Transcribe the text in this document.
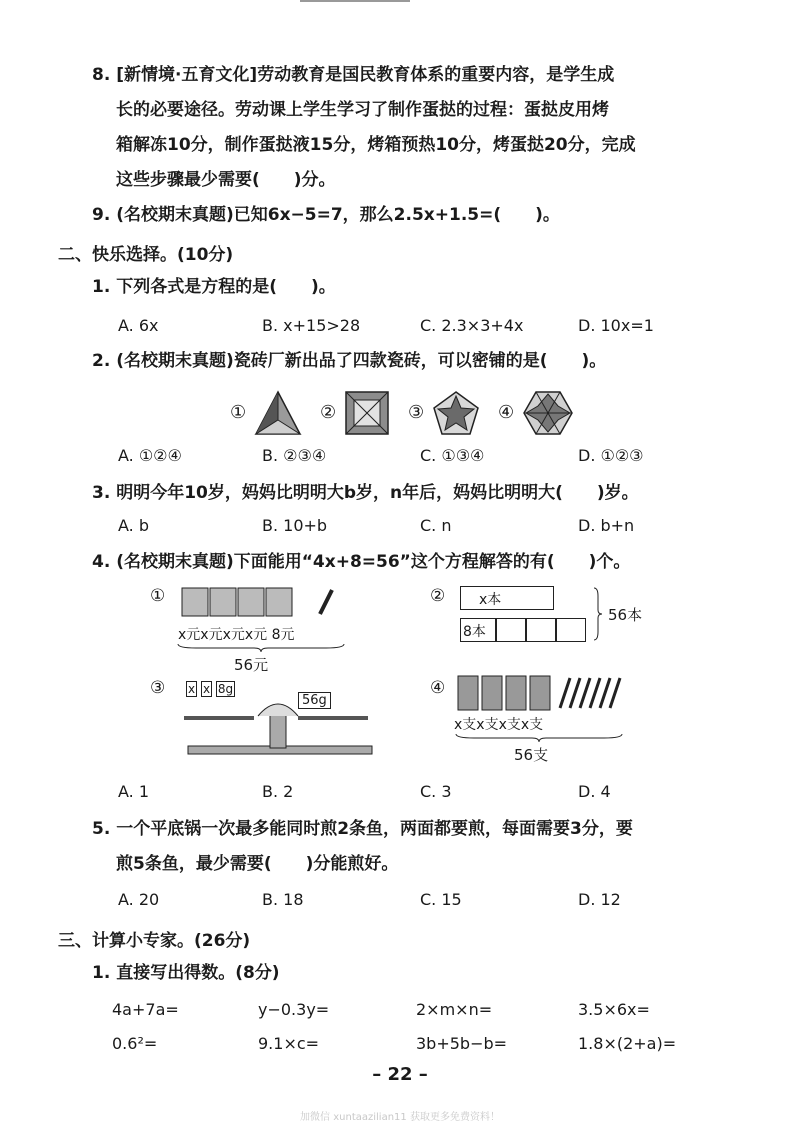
8. [新情境·五育文化]劳动教育是国民教育体系的重要内容，是学生成
长的必要途径。劳动课上学生学习了制作蛋挞的过程：蛋挞皮用烤
箱解冻10分，制作蛋挞液15分，烤箱预热10分，烤蛋挞20分，完成
这些步骤最少需要(　　)分。
9. (名校期末真题)已知6x−5=7，那么2.5x+1.5=(　　)。
二、快乐选择。(10分)
1. 下列各式是方程的是(　　)。
A. 6x	B. x+15>28	C. 2.3×3+4x	D. 10x=1
2. (名校期末真题)瓷砖厂新出品了四款瓷砖，可以密铺的是(　　)。
①	②	③	④
A. ①②④	B. ②③④	C. ①③④	D. ①②③
3. 明明今年10岁，妈妈比明明大b岁，n年后，妈妈比明明大(　　)岁。
A. b	B. 10+b	C. n	D. b+n
4. (名校期末真题)下面能用“4x+8=56”这个方程解答的有(　　)个。
①
x元x元x元x元 8元
56元
② x本
8本
56本
③ x x 8g
56g
④
x支x支x支x支
56支
A. 1	B. 2	C. 3	D. 4
5. 一个平底锅一次最多能同时煎2条鱼，两面都要煎，每面需要3分，要
煎5条鱼，最少需要(　　)分能煎好。
A. 20	B. 18	C. 15	D. 12
三、计算小专家。(26分)
1. 直接写出得数。(8分)
4a+7a=	y−0.3y=	2×m×n=	3.5×6x=
0.6²=	9.1×c=	3b+5b−b=	1.8×(2+a)=
– 22 –
加微信 xuntaazilian11 获取更多免费资料！
